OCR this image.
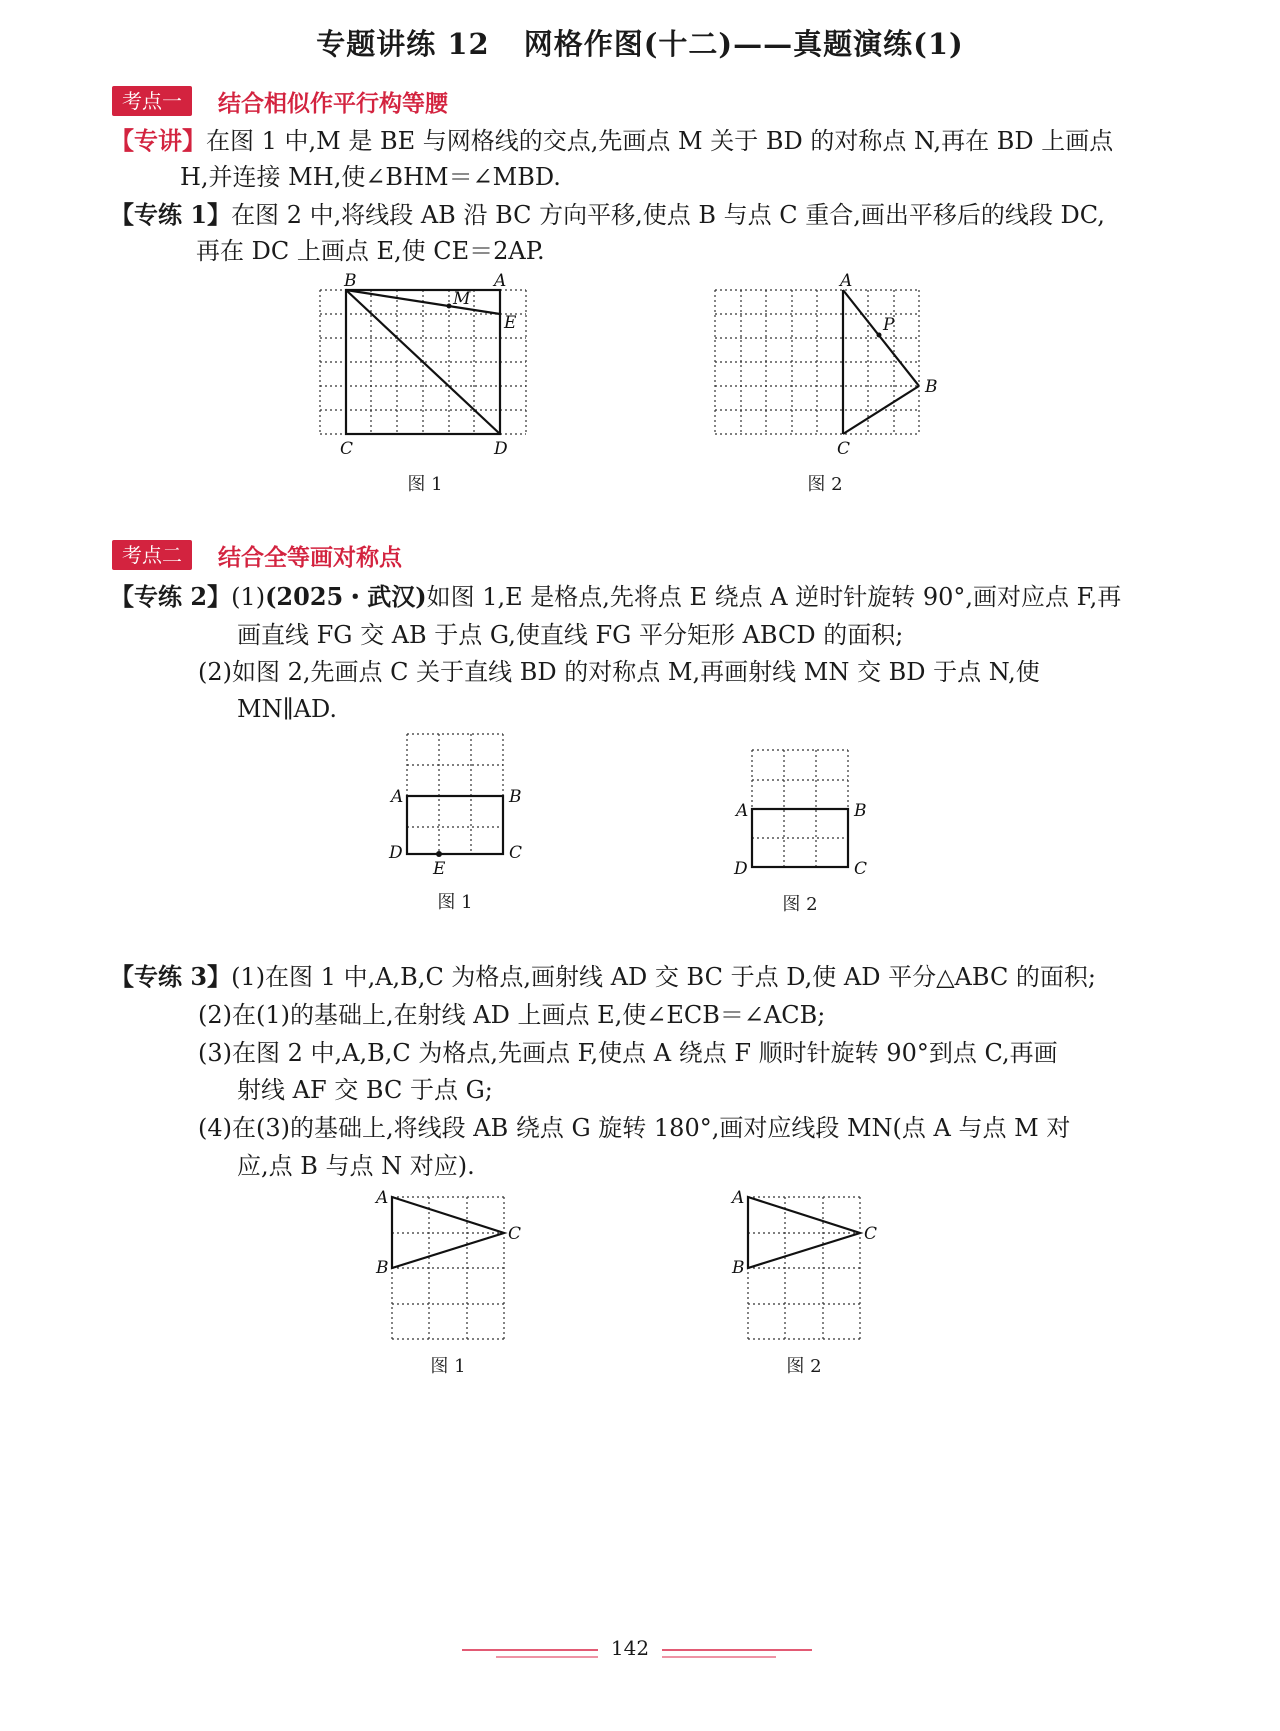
专题讲练 12 网格作图(十二)——真题演练(1)
考点一	结合相似作平行构等腰
【专讲】在图 1 中,M 是 BE 与网格线的交点,先画点 M 关于 BD 的对称点 N,再在 BD 上画点
H,并连接 MH,使∠BHM＝∠MBD.
【专练 1】在图 2 中,将线段 AB 沿 BC 方向平移,使点 B 与点 C 重合,画出平移后的线段 DC,
再在 DC 上画点 E,使 CE＝2AP.
B	A
M
E
C	D
图 1
A
P
B
C
图 2
考点二	结合全等画对称点
【专练 2】(1)(2025・武汉)如图 1,E 是格点,先将点 E 绕点 A 逆时针旋转 90°,画对应点 F,再
画直线 FG 交 AB 于点 G,使直线 FG 平分矩形 ABCD 的面积;
(2)如图 2,先画点 C 关于直线 BD 的对称点 M,再画射线 MN 交 BD 于点 N,使
MN∥AD.
A	B
D	C
E
图 1
A	B
D	C
图 2
【专练 3】(1)在图 1 中,A,B,C 为格点,画射线 AD 交 BC 于点 D,使 AD 平分△ABC 的面积;
(2)在(1)的基础上,在射线 AD 上画点 E,使∠ECB＝∠ACB;
(3)在图 2 中,A,B,C 为格点,先画点 F,使点 A 绕点 F 顺时针旋转 90°到点 C,再画
射线 AF 交 BC 于点 G;
(4)在(3)的基础上,将线段 AB 绕点 G 旋转 180°,画对应线段 MN(点 A 与点 M 对
应,点 B 与点 N 对应).
A
C
B
图 1
A
C
B
图 2
142
